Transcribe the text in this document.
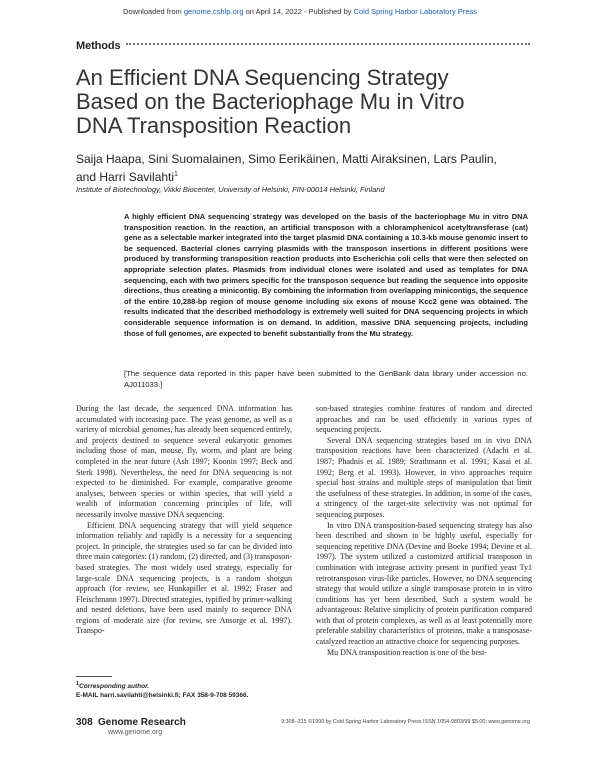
Downloaded from genome.cshlp.org on April 14, 2022 - Published by Cold Spring Harbor Laboratory Press
Methods
An Efficient DNA Sequencing Strategy
Based on the Bacteriophage Mu in Vitro
DNA Transposition Reaction
Saija Haapa, Sini Suomalainen, Simo Eerikäinen, Matti Airaksinen, Lars Paulin,
and Harri Savilahti$^1$
Institute of Biotechnology, Viikki Biocenter, University of Helsinki, FIN-00014 Helsinki, Finland
A highly efficient DNA sequencing strategy was developed on the basis of the bacteriophage Mu in vitro DNA transposition reaction. In the reaction, an artificial transposon with a chloramphenicol acetyltransferase (cat) gene as a selectable marker integrated into the target plasmid DNA containing a 10.3-kb mouse genomic insert to be sequenced. Bacterial clones carrying plasmids with the transposon insertions in different positions were produced by transforming transposition reaction products into Escherichia coli cells that were then selected on appropriate selection plates. Plasmids from individual clones were isolated and used as templates for DNA sequencing, each with two primers specific for the transposon sequence but reading the sequence into opposite directions, thus creating a minicontig. By combining the information from overlapping minicontigs, the sequence of the entire 10,288-bp region of mouse genome including six exons of mouse Kcc2 gene was obtained. The results indicated that the described methodology is extremely well suited for DNA sequencing projects in which considerable sequence information is on demand. In addition, massive DNA sequencing projects, including those of full genomes, are expected to benefit substantially from the Mu strategy.
[The sequence data reported in this paper have been submitted to the GenBank data library under accession no. AJ011033.]

During the last decade, the sequenced DNA information has accumulated with increasing pace. The yeast genome, as well as a variety of microbial genomes, has already been sequenced entirely, and projects destined to sequence several eukaryotic genomes including those of man, mouse, fly, worm, and plant are being completed in the near future (Ash 1997; Koonin 1997; Beck and Sterk 1998). Nevertheless, the need for DNA sequencing is not expected to be diminished. For example, comparative genome analyses, between species or within species, that will yield a wealth of information concerning principles of life, will necessarily involve massive DNA sequencing.

Efficient DNA sequencing strategy that will yield sequence information reliably and rapidly is a necessity for a sequencing project. In principle, the strategies used so far can be divided into three main categories: (1) random, (2) directed, and (3) transposon-based strategies. The most widely used strategy, especially for large-scale DNA sequencing projects, is a random shotgun approach (for review, see Hunkapiller et al. 1992; Fraser and Fleischmann 1997). Directed strategies, typified by primer-walking and nested deletions, have been used mainly to sequence DNA regions of moderate size (for review, see Ansorge et al. 1997). Transpo-

son-based strategies combine features of random and directed approaches and can be used efficiently in various types of sequencing projects.

Several DNA sequencing strategies based on in vivo DNA transposition reactions have been characterized (Adachi et al. 1987; Phadnis et al. 1989; Strathmann et al. 1991; Kasai et al. 1992; Berg et al. 1993). However, in vivo approaches require special host strains and multiple steps of manipulation that limit the usefulness of these strategies. In addition, in some of the cases, a stringency of the target-site selectivity was not optimal for sequencing purposes.

In vitro DNA transposition-based sequencing strategy has also been described and shown to be highly useful, especially for sequencing repetitive DNA (Devine and Boeke 1994; Devine et al. 1997). The system utilized a customized artificial transposon in combination with integrase activity present in purified yeast Ty1 retrotransposon virus-like particles. However, no DNA sequencing strategy that would utilize a single transposase protein in in vitro conditions has yet been described. Such a system would be advantageous: Relative simplicity of protein purification compared with that of protein complexes, as well as at least potentially more preferable stability characteristics of proteins, make a transposase-catalyzed reaction an attractive choice for sequencing purposes.

Mu DNA transposition reaction is one of the best-

$^1$Corresponding author.
E-MAIL harri.savilahti@helsinki.fi; FAX 358-9-708 59366.
308 Genome Research
www.genome.org
9:308–315 ©1999 by Cold Spring Harbor Laboratory Press ISSN 1054-9803/99 $5.00; www.genome.org
